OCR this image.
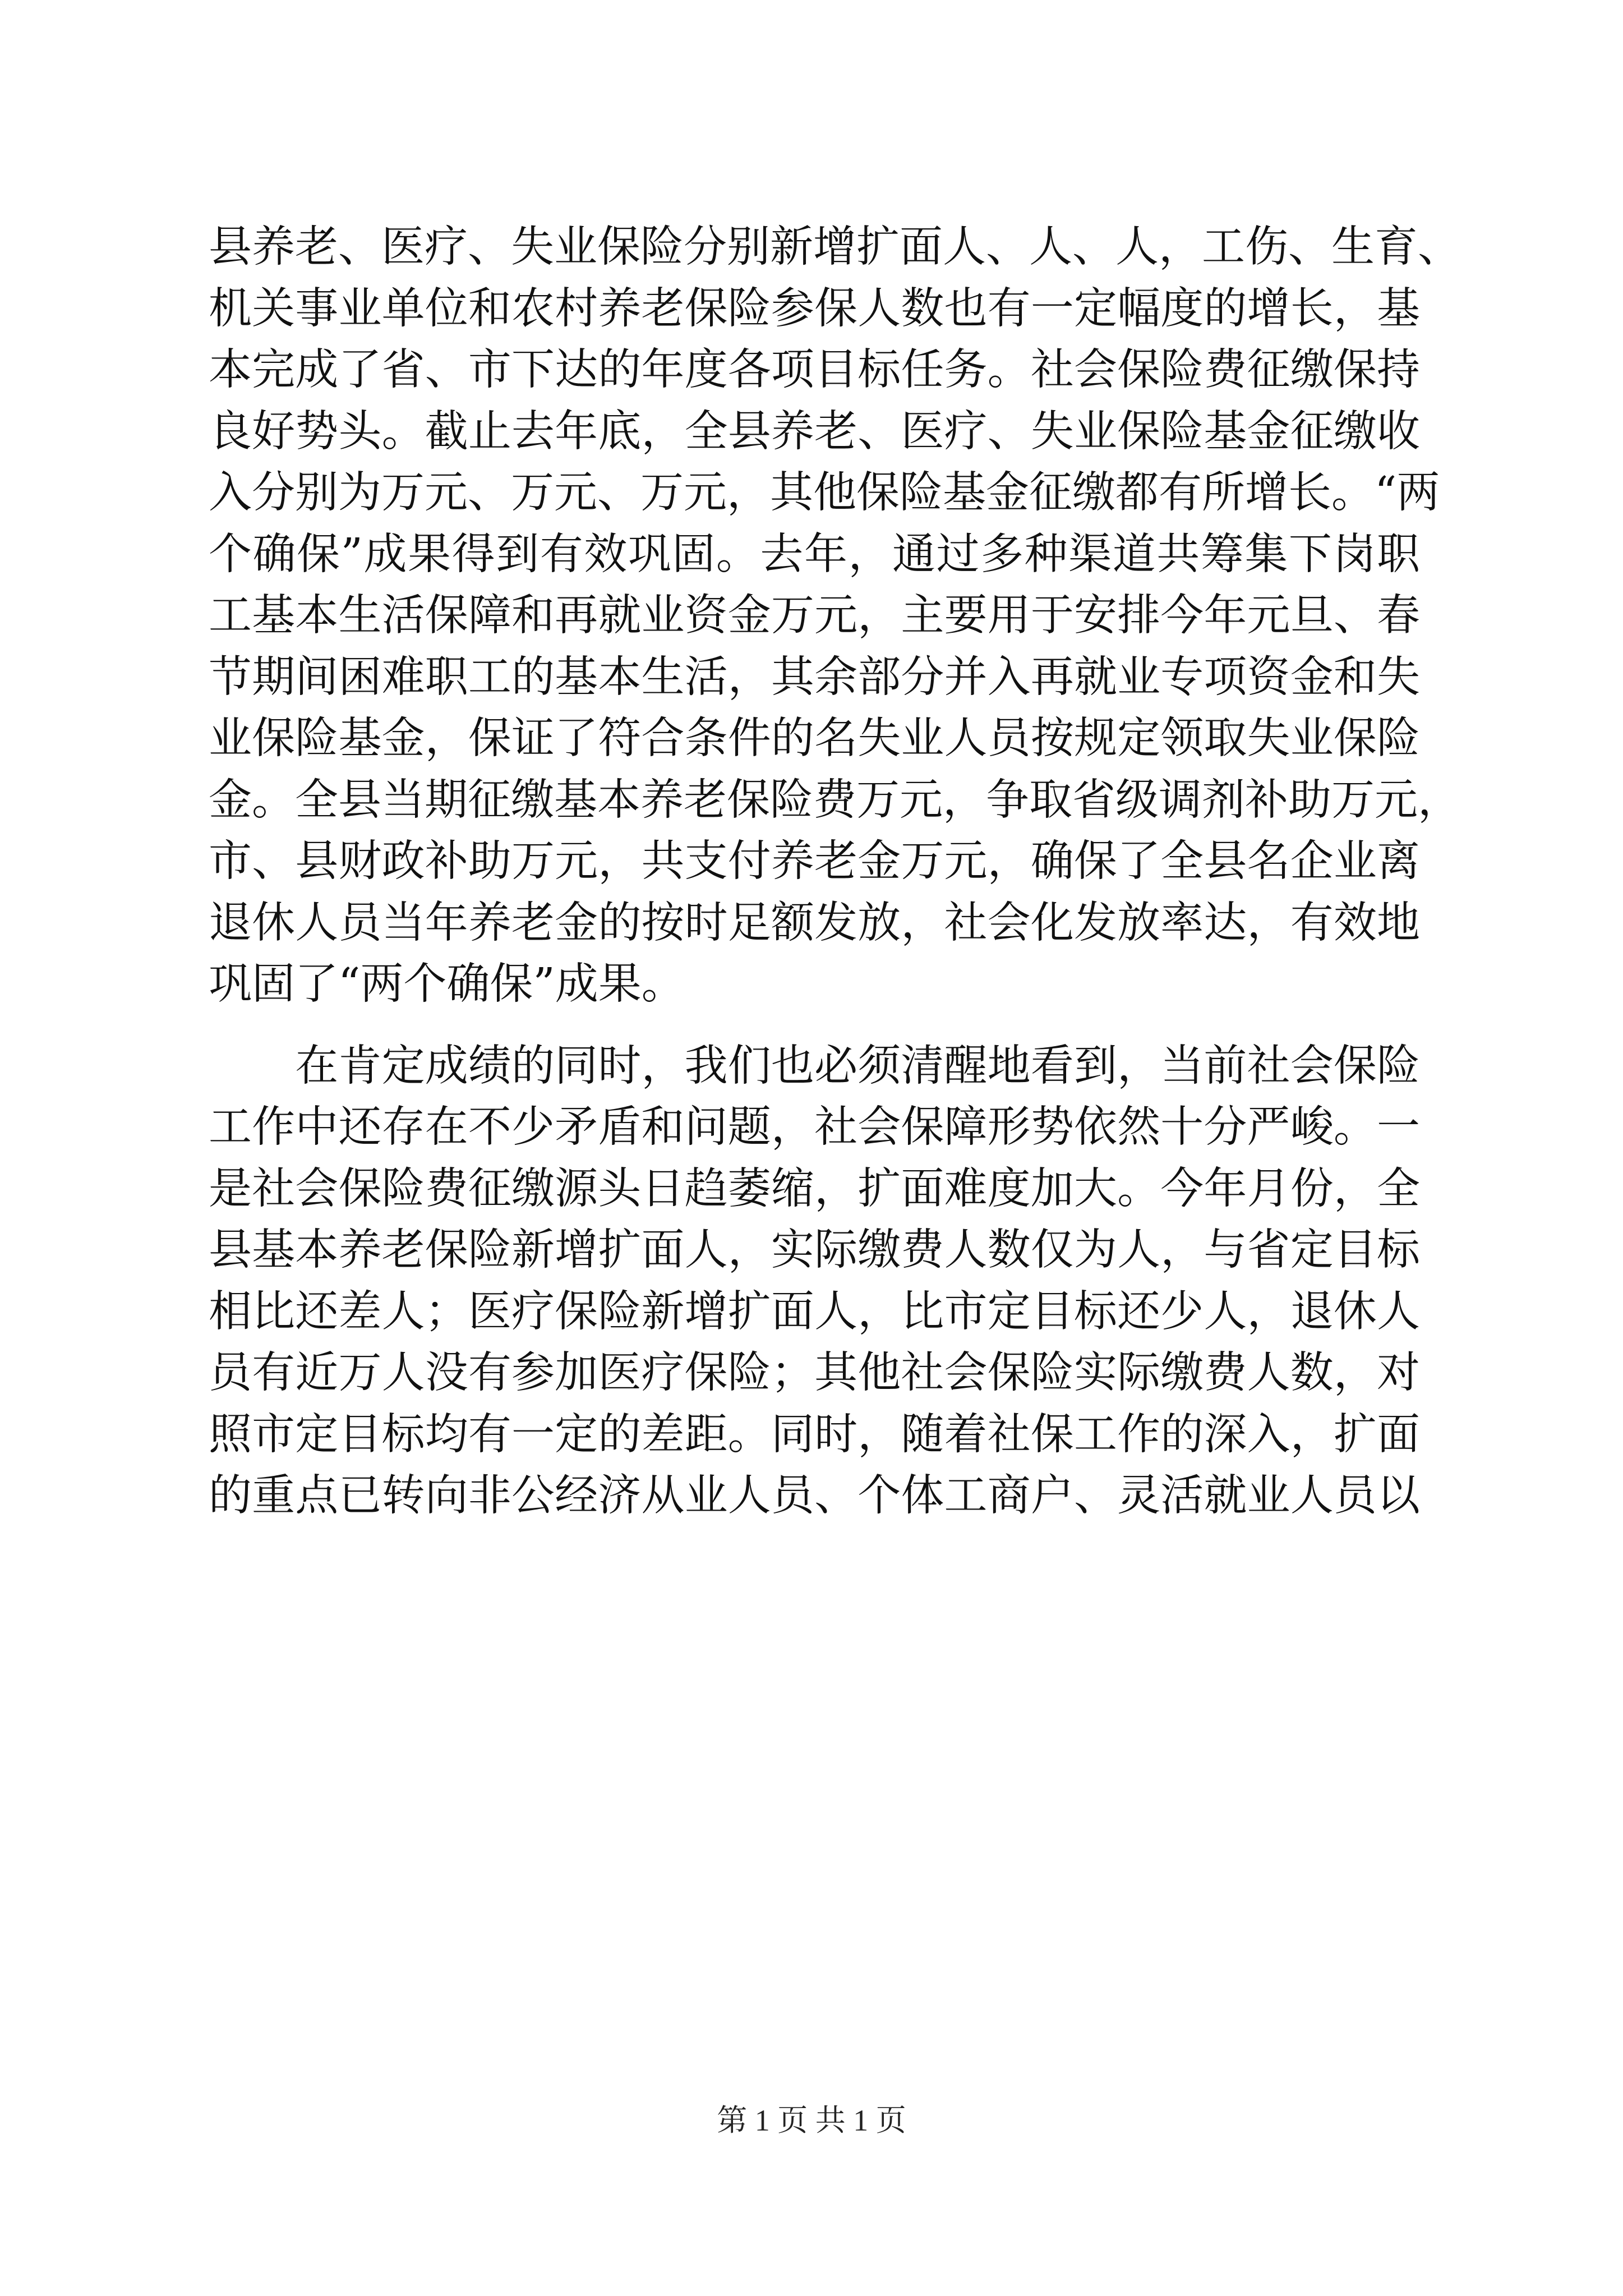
县养老、医疗、失业保险分别新增扩面人、人、人，工伤、生育、
机关事业单位和农村养老保险参保人数也有一定幅度的增长，基
本完成了省、市下达的年度各项目标任务。社会保险费征缴保持
良好势头。截止去年底，全县养老、医疗、失业保险基金征缴收
入分别为万元、万元、万元，其他保险基金征缴都有所增长。“两
个确保”成果得到有效巩固。去年，通过多种渠道共筹集下岗职
工基本生活保障和再就业资金万元，主要用于安排今年元旦、春
节期间困难职工的基本生活，其余部分并入再就业专项资金和失
业保险基金，保证了符合条件的名失业人员按规定领取失业保险
金。全县当期征缴基本养老保险费万元，争取省级调剂补助万元，
市、县财政补助万元，共支付养老金万元，确保了全县名企业离
退休人员当年养老金的按时足额发放，社会化发放率达，有效地
巩固了“两个确保”成果。
　　在肯定成绩的同时，我们也必须清醒地看到，当前社会保险
工作中还存在不少矛盾和问题，社会保障形势依然十分严峻。一
是社会保险费征缴源头日趋萎缩，扩面难度加大。今年月份，全
县基本养老保险新增扩面人，实际缴费人数仅为人，与省定目标
相比还差人；医疗保险新增扩面人，比市定目标还少人，退休人
员有近万人没有参加医疗保险；其他社会保险实际缴费人数，对
照市定目标均有一定的差距。同时，随着社保工作的深入，扩面
的重点已转向非公经济从业人员、个体工商户、灵活就业人员以
第 1 页 共 1 页
